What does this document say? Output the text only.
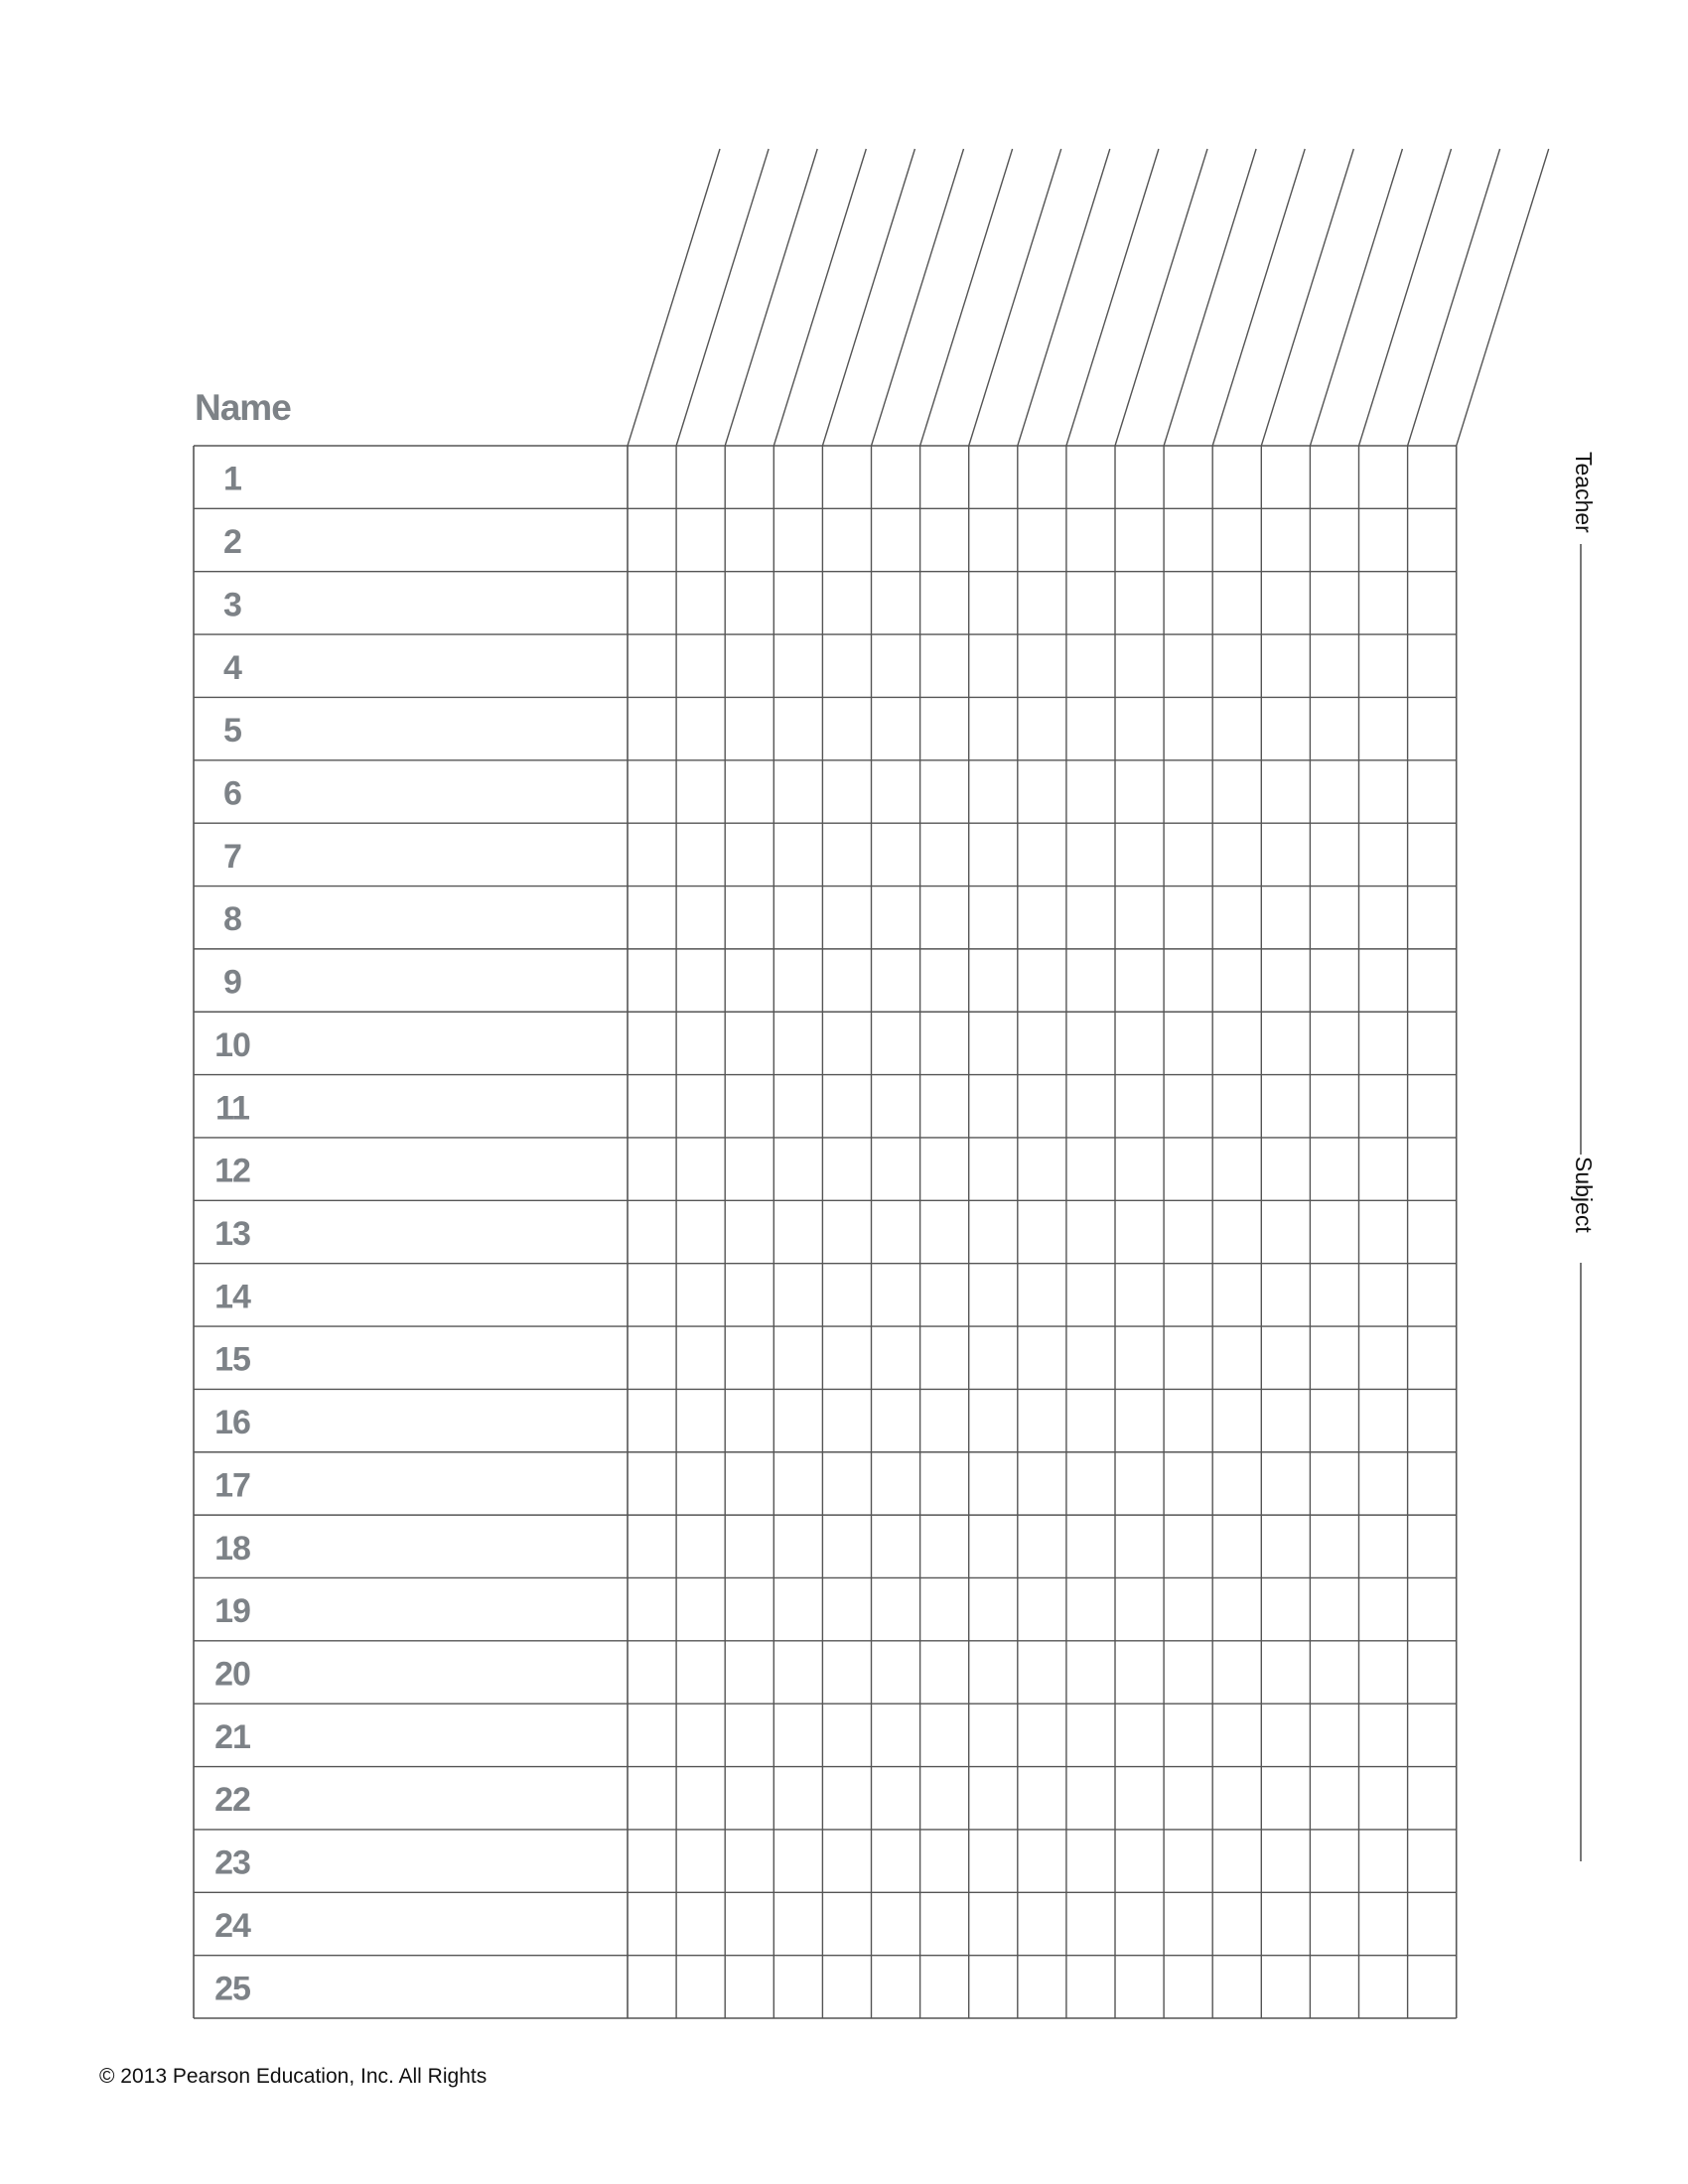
Name
1
2
3
4
5
6
7
8
9
10
11
12
13
14
15
16
17
18
19
20
21
22
23
24
25
Teacher
Subject
© 2013 Pearson Education, Inc. All Rights
